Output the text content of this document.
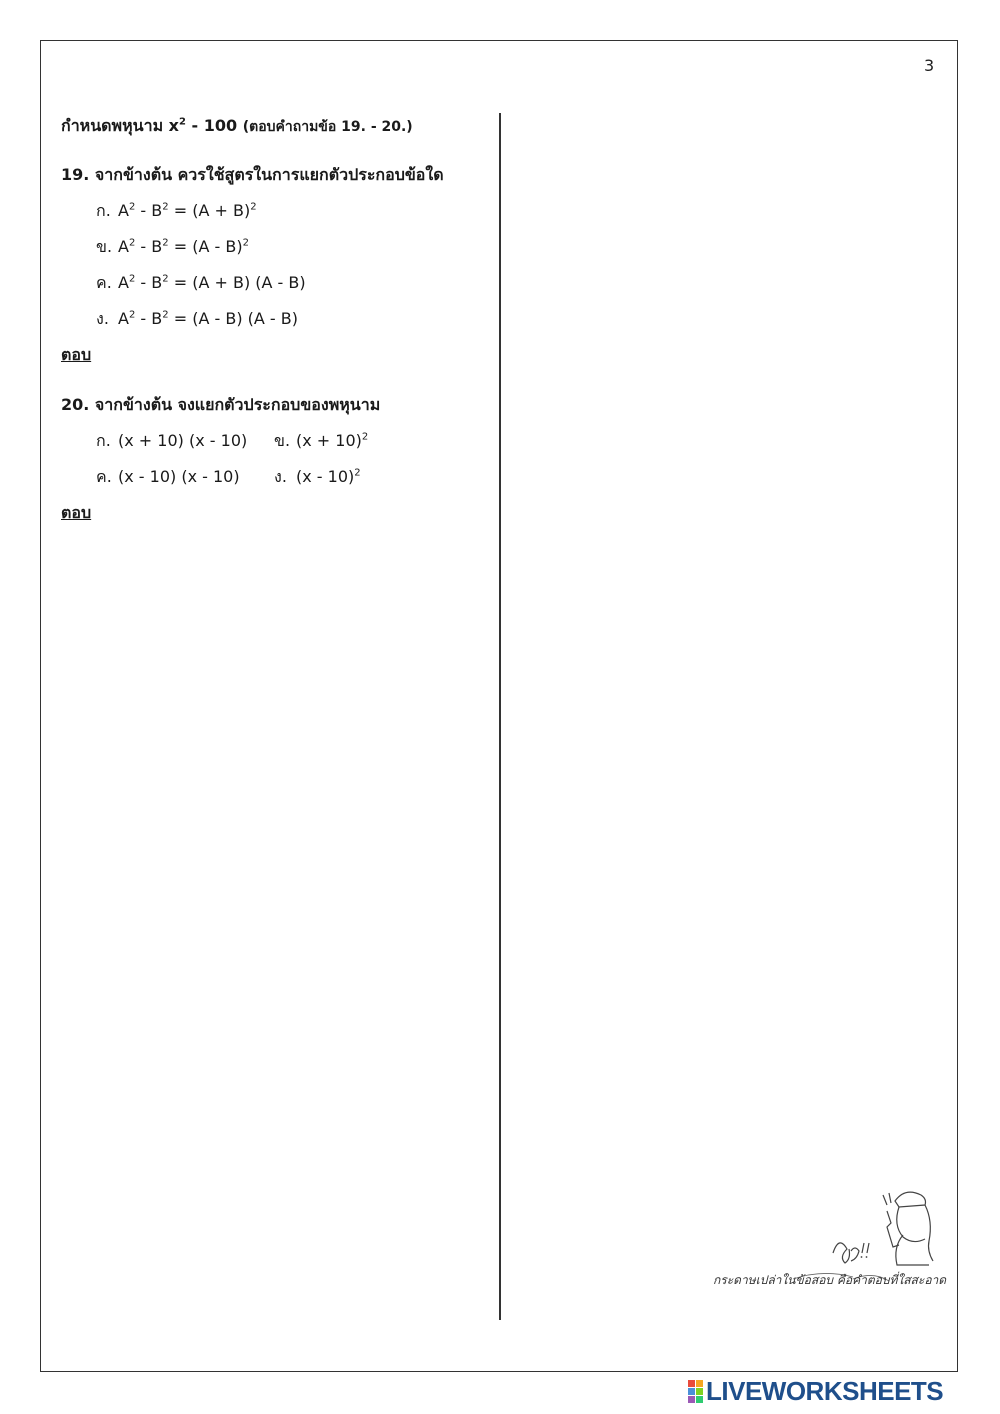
3
กำหนดพหุนาม $x^2 - 100$ (ตอบคำถามข้อ 19. - 20.)
19. จากข้างต้น ควรใช้สูตรในการแยกตัวประกอบข้อใด
ก. $A^2 - B^2 = (A + B)^2$
ข. $A^2 - B^2 = (A - B)^2$
ค. $A^2 - B^2 = (A + B)$ (A - B)
ง. $A^2 - B^2 = (A - B)$ (A - B)
ตอบ
20. จากข้างต้น จงแยกตัวประกอบของพหุนาม
ก. (x + 10) (x - 10)	ข. $(x + 10)^2$
ค. (x - 10) (x - 10)	ง. (x - 10)$^2$
ตอบ
กระดาษเปล่าในข้อสอบ คือคำตอบที่ใสสะอาด
LIVEWORKSHEETS
